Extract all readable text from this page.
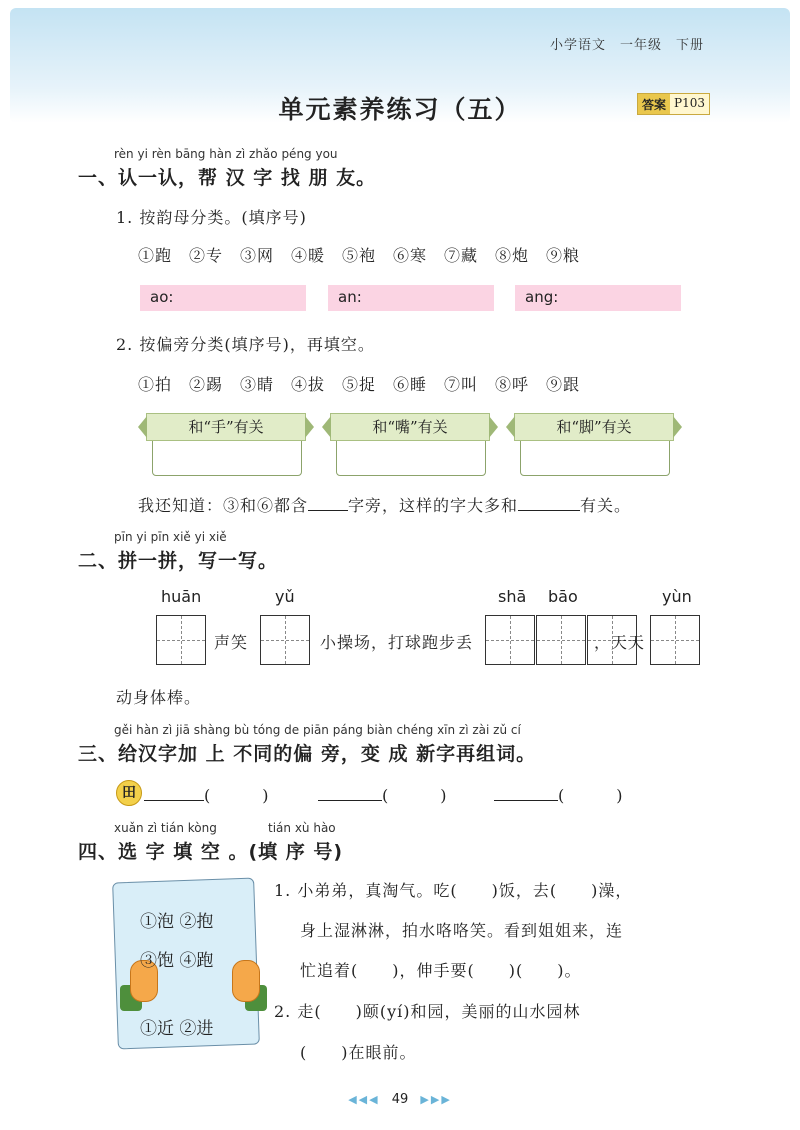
小学语文　一年级　下册
单元素养练习（五）	答案 P103
rèn yi rèn bāng hàn zì zhǎo péng you
一、认一认，帮 汉 字 找 朋 友。
1. 按韵母分类。(填序号)
①跑　②专　③网　④暖　⑤袍　⑥寒　⑦藏　⑧炮　⑨粮
ao:	an:	ang:
2. 按偏旁分类(填序号)，再填空。
①拍　②踢　③睛　④拔　⑤捉　⑥睡　⑦叫　⑧呼　⑨跟
和“手”有关	和“嘴”有关	和“脚”有关
我还知道：③和⑥都含	字旁，这样的字大多和	有关。
pīn yi pīn xiě yi xiě
二、拼一拼，写一写。
huān	yǔ	shā bāo	yùn
声笑	小操场，打球跑步丢	，天天
动身体棒。
gěi hàn zì jiā shàng bù tóng de piān páng biàn chéng xīn zì zài zǔ cí
三、给汉字加 上 不同的偏 旁，变 成 新字再组词。
田	(　　　)	(　　　)	(　　　)
xuǎn zì tián kòng	tián xù hào
四、选 字 填 空 。(填 序 号)
①泡 ②抱
③饱 ④跑
①近 ②进
1. 小弟弟，真淘气。吃(　　)饭，去(　　)澡，
身上湿淋淋，拍水咯咯笑。看到姐姐来，连
忙追着(　　)，伸手要(　　)(　　)。
2. 走(　　)颐(yí)和园，美丽的山水园林
(　　)在眼前。
◀◀◀ 49 ▶▶▶
